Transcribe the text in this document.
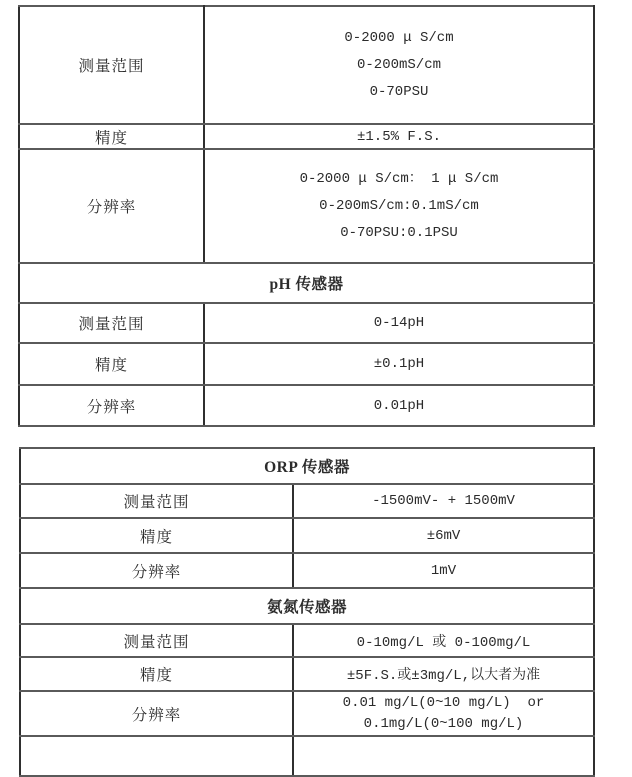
测量范围	0-2000 μ S/cm
0-200mS/cm
0-70PSU

精度	±1.5% F.S.

分辨率	0-2000 μ S/cm： 1 μ S/cm
0-200mS/cm:0.1mS/cm
0-70PSU:0.1PSU

pH 传感器	
测量范围	0-14pH

精度	±0.1pH

分辨率	0.01pH
ORP 传感器	
测量范围	-1500mV- + 1500mV

精度	±6mV

分辨率	1mV

氨氮传感器	
测量范围	0-10mg/L 或 0-100mg/L

精度	±5F.S.或±3mg/L,以大者为准

分辨率	0.01 mg/L(0~10 mg/L)  or
0.1mg/L(0~100 mg/L)
